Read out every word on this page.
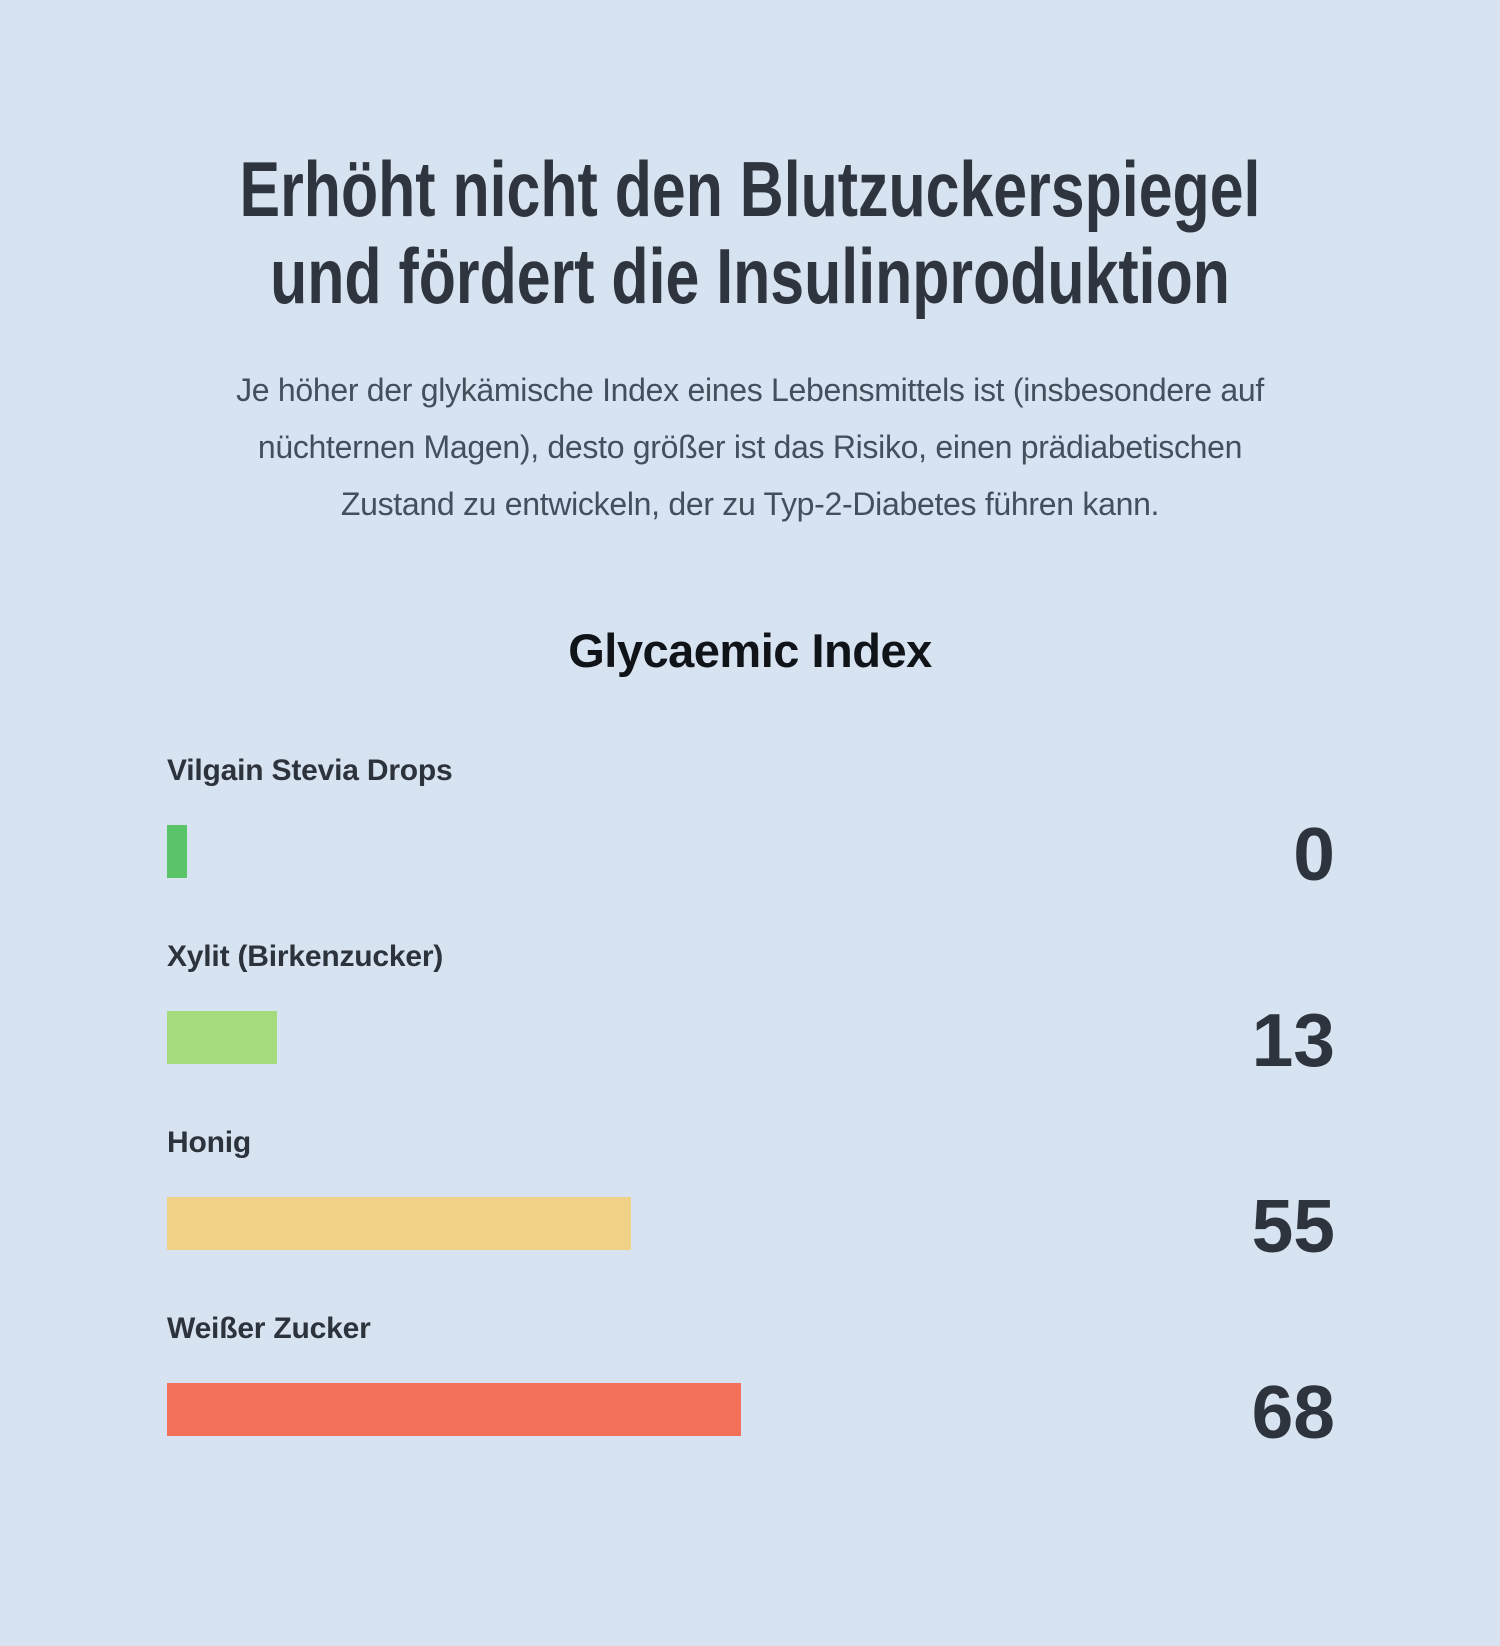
Erhöht nicht den Blutzuckerspiegel
und fördert die Insulinproduktion
Je höher der glykämische Index eines Lebensmittels ist (insbesondere auf
nüchternen Magen), desto größer ist das Risiko, einen prädiabetischen
Zustand zu entwickeln, der zu Typ-2-Diabetes führen kann.
Glycaemic Index
Vilgain Stevia Drops
0
Xylit (Birkenzucker)
13
Honig
55
Weißer Zucker
68
